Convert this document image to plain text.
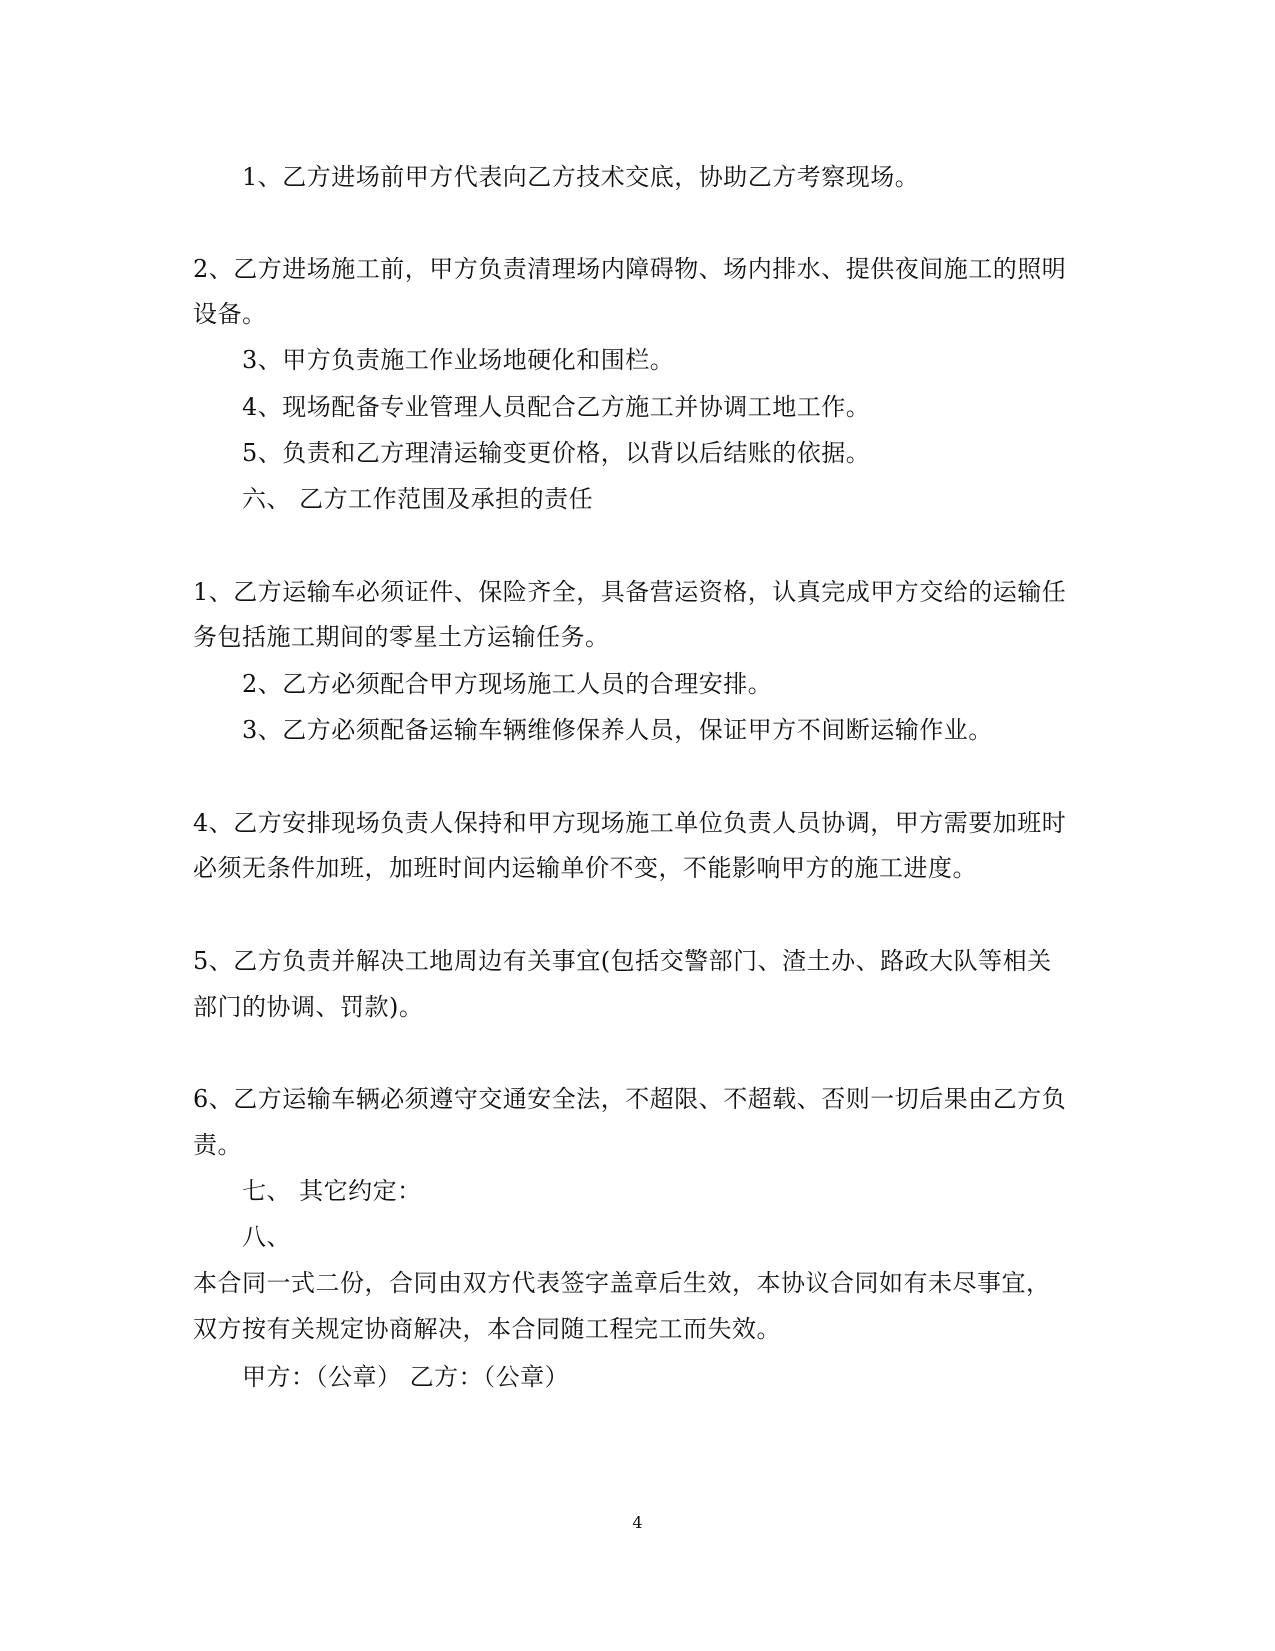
1、乙方进场前甲方代表向乙方技术交底，协助乙方考察现场。
2、乙方进场施工前，甲方负责清理场内障碍物、场内排水、提供夜间施工的照明
设备。
3、甲方负责施工作业场地硬化和围栏。
4、现场配备专业管理人员配合乙方施工并协调工地工作。
5、负责和乙方理清运输变更价格，以背以后结账的依据。
六、 乙方工作范围及承担的责任
1、乙方运输车必须证件、保险齐全，具备营运资格，认真完成甲方交给的运输任
务包括施工期间的零星土方运输任务。
2、乙方必须配合甲方现场施工人员的合理安排。
3、乙方必须配备运输车辆维修保养人员，保证甲方不间断运输作业。
4、乙方安排现场负责人保持和甲方现场施工单位负责人员协调，甲方需要加班时
必须无条件加班，加班时间内运输单价不变，不能影响甲方的施工进度。
5、乙方负责并解决工地周边有关事宜(包括交警部门、渣土办、路政大队等相关
部门的协调、罚款)。
6、乙方运输车辆必须遵守交通安全法，不超限、不超载、否则一切后果由乙方负
责。
七、 其它约定：
八、
本合同一式二份，合同由双方代表签字盖章后生效，本协议合同如有未尽事宜，
双方按有关规定协商解决，本合同随工程完工而失效。
甲方：（公章） 乙方：（公章）
4
